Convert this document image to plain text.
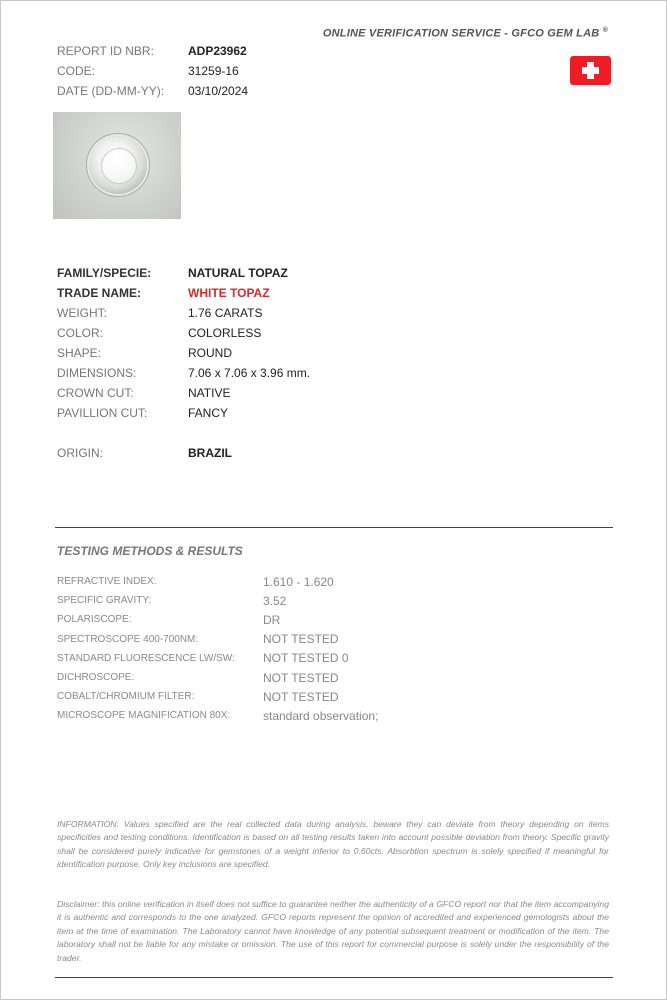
ONLINE VERIFICATION SERVICE - GFCO GEM LAB ®
REPORT ID NBR:	ADP23962
CODE:	31259-16
DATE (DD-MM-YY):	03/10/2024
FAMILY/SPECIE:	NATURAL TOPAZ
TRADE NAME:	WHITE TOPAZ
WEIGHT:	1.76 CARATS
COLOR:	COLORLESS
SHAPE:	ROUND
DIMENSIONS:	7.06 x 7.06 x 3.96 mm.
CROWN CUT:	NATIVE
PAVILLION CUT:	FANCY
ORIGIN:	BRAZIL
TESTING METHODS & RESULTS
REFRACTIVE INDEX:	1.610 - 1.620
SPECIFIC GRAVITY:	3.52
POLARISCOPE:	DR
SPECTROSCOPE 400-700NM:	NOT TESTED
STANDARD FLUORESCENCE LW/SW:	NOT TESTED 0
DICHROSCOPE:	NOT TESTED
COBALT/CHROMIUM FILTER:	NOT TESTED
MICROSCOPE MAGNIFICATION 80X:	standard observation;

INFORMATION: Values specified are the real collected data during analysis, beware they can deviate from theory depending on items specificities and testing conditions. Identification is based on all testing results taken into account possible deviation from theory. Specific gravity shall be considered purely indicative for gemstones of a weight inferior to 0.60cts. Absorbtion spectrum is solely specified if meaningful for identification purpose. Only key inclusions are specified.

Disclaimer: this online verification in itself does not suffice to guarantee neither the authenticity of a GFCO report nor that the item accompanying it is authentic and corresponds to the one analyzed. GFCO reports represent the opinion of accredited and experienced gemologists about the item at the time of examination. The Laboratory cannot have knowledge of any potential subsequent treatment or modification of the item. The laboratory shall not be liable for any mistake or omission. The use of this report for commercial purpose is solely under the responsibility of the trader.
